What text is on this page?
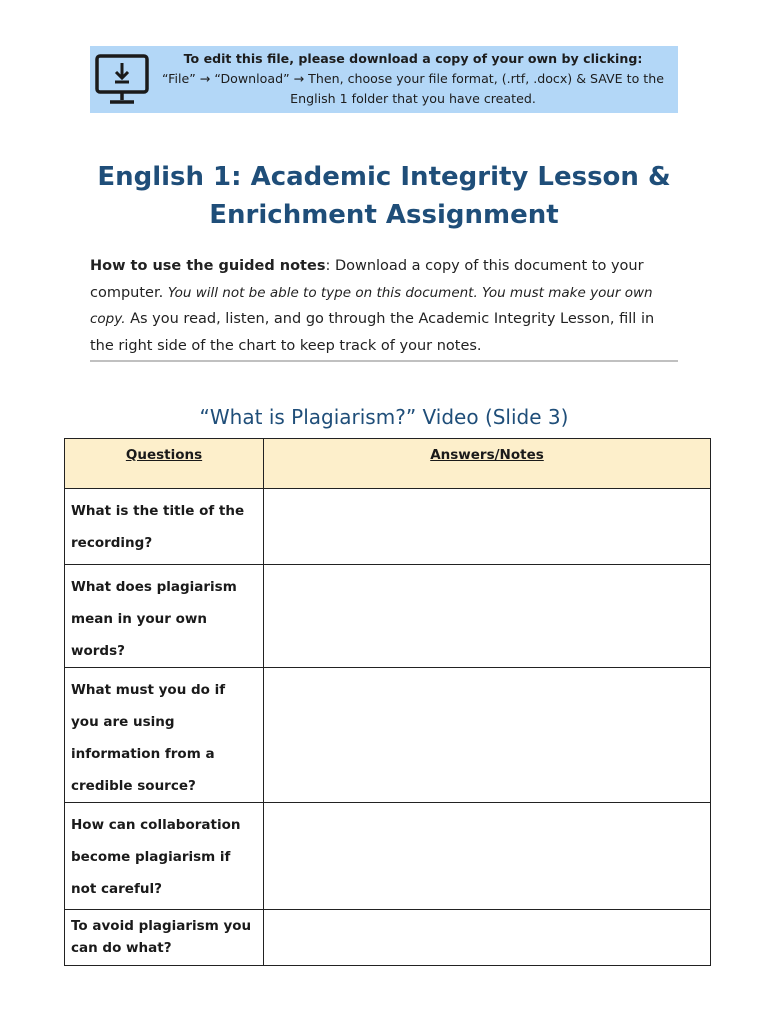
To edit this file, please download a copy of your own by clicking:
“File” → “Download” → Then, choose your file format, (.rtf, .docx) & SAVE to the
English 1 folder that you have created.
English 1: Academic Integrity Lesson & Enrichment Assignment
How to use the guided notes: Download a copy of this document to your computer. You will not be able to type on this document. You must make your own copy. As you read, listen, and go through the Academic Integrity Lesson, fill in the right side of the chart to keep track of your notes.
“What is Plagiarism?” Video (Slide 3)
Questions	Answers/Notes
What is the title of the recording?	
What does plagiarism mean in your own words?	
What must you do if you are using information from a credible source?	
How can collaboration become plagiarism if not careful?	
To avoid plagiarism you can do what?	
